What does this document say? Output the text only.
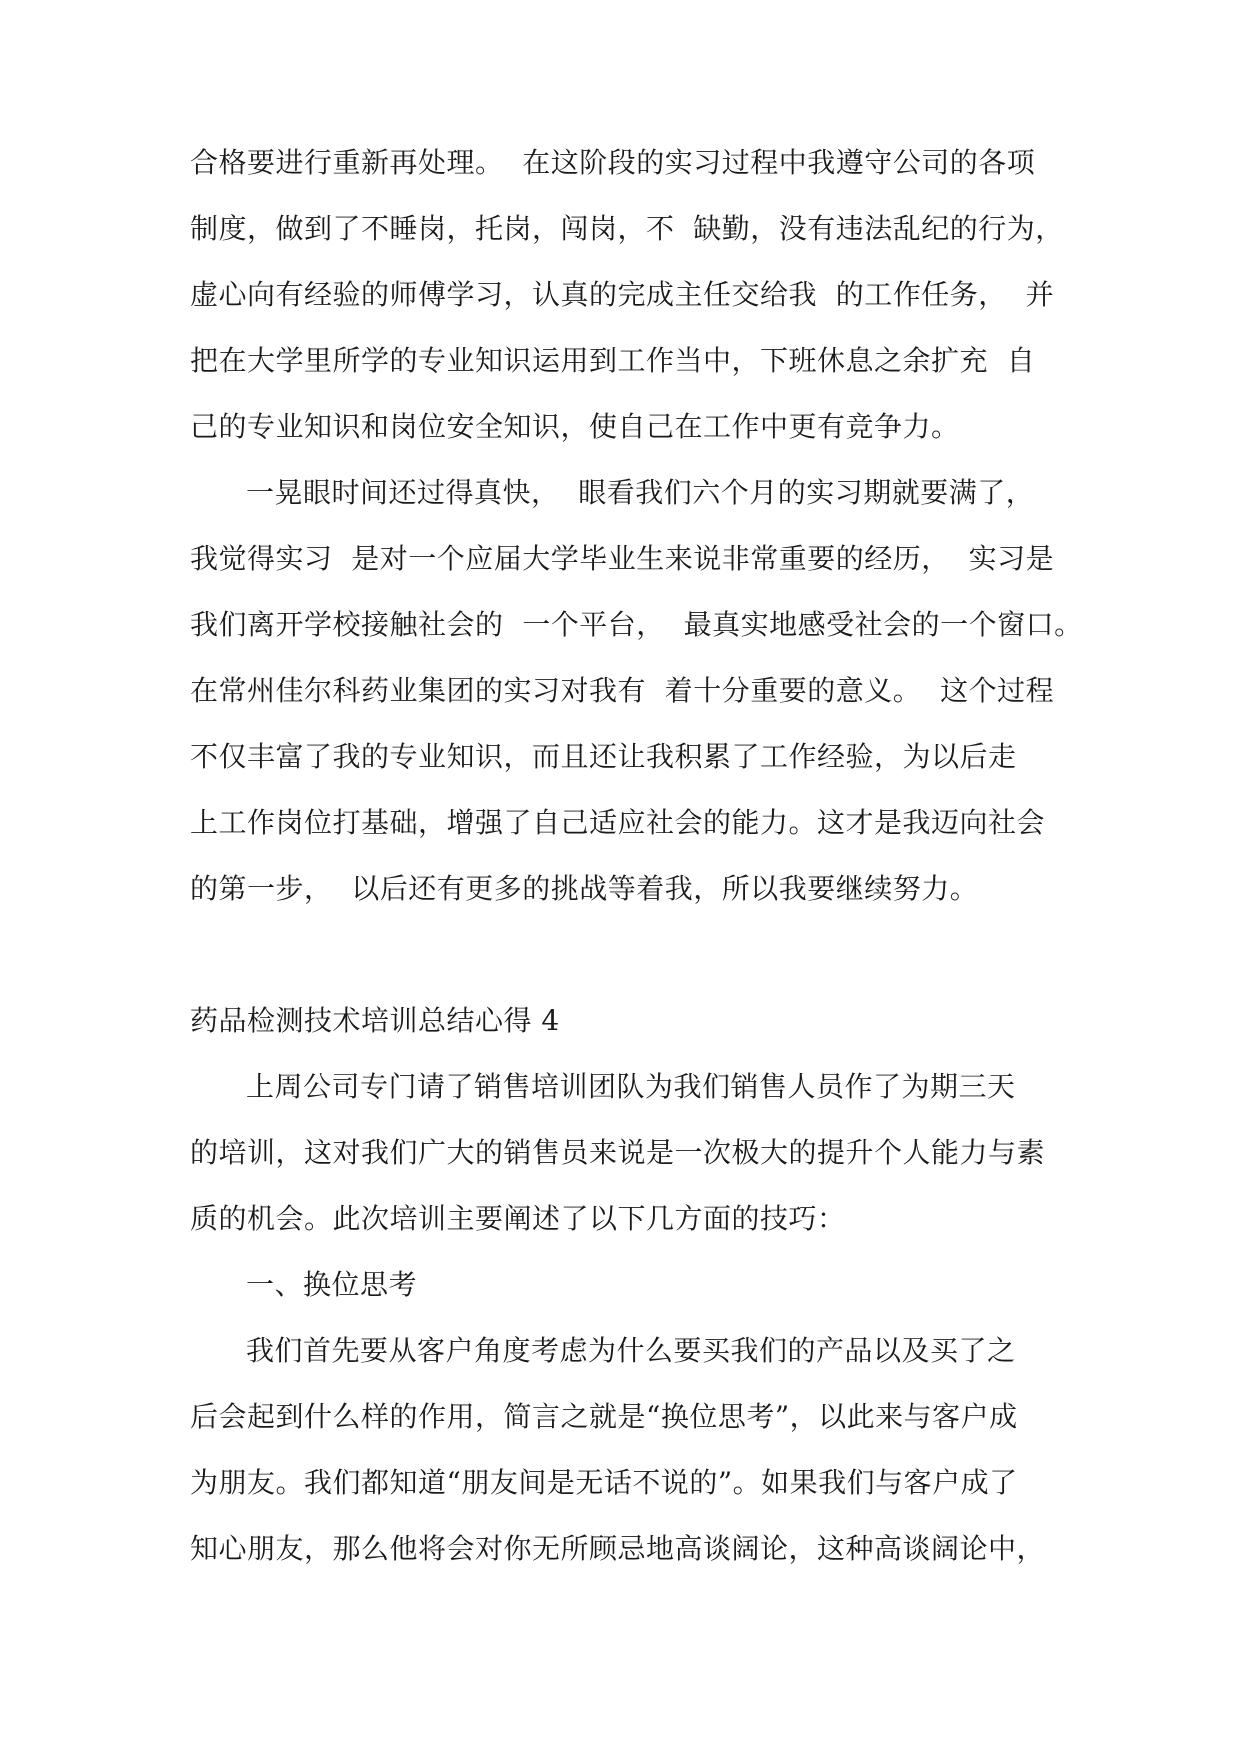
合格要进行重新再处理。  在这阶段的实习过程中我遵守公司的各项
制度，做到了不睡岗，托岗，闯岗，不  缺勤，没有违法乱纪的行为，
虚心向有经验的师傅学习，认真的完成主任交给我  的工作任务，  并
把在大学里所学的专业知识运用到工作当中，下班休息之余扩充  自
己的专业知识和岗位安全知识，使自己在工作中更有竞争力。
一晃眼时间还过得真快，  眼看我们六个月的实习期就要满了，
我觉得实习  是对一个应届大学毕业生来说非常重要的经历，  实习是
我们离开学校接触社会的  一个平台，  最真实地感受社会的一个窗口。
在常州佳尔科药业集团的实习对我有  着十分重要的意义。  这个过程
不仅丰富了我的专业知识，而且还让我积累了工作经验，为以后走
上工作岗位打基础，增强了自己适应社会的能力。这才是我迈向社会
的第一步，  以后还有更多的挑战等着我，所以我要继续努力。
药品检测技术培训总结心得 4
上周公司专门请了销售培训团队为我们销售人员作了为期三天
的培训，这对我们广大的销售员来说是一次极大的提升个人能力与素
质的机会。此次培训主要阐述了以下几方面的技巧：
一、换位思考
我们首先要从客户角度考虑为什么要买我们的产品以及买了之
后会起到什么样的作用，简言之就是“换位思考”，以此来与客户成
为朋友。我们都知道“朋友间是无话不说的”。如果我们与客户成了
知心朋友，那么他将会对你无所顾忌地高谈阔论，这种高谈阔论中，
